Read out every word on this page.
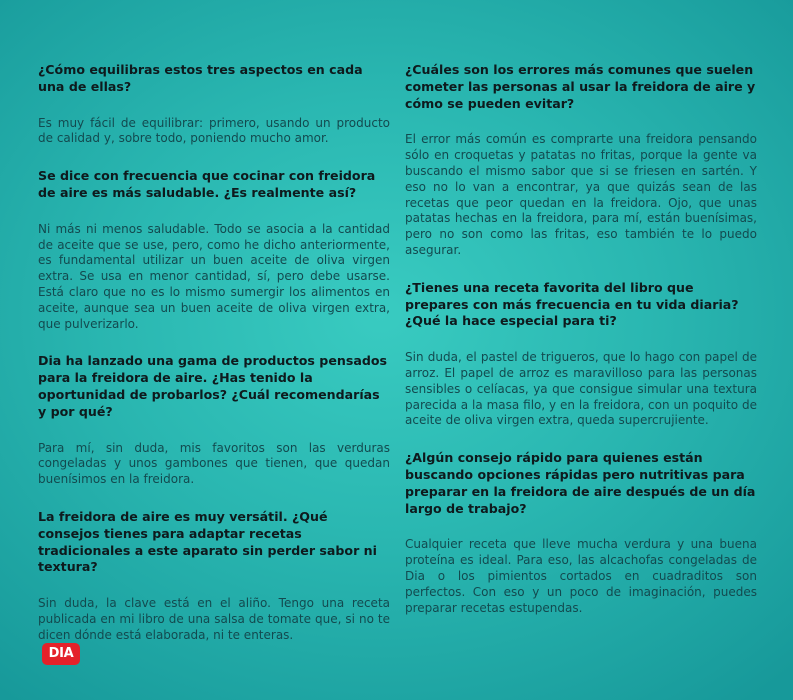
¿Cómo equilibras estos tres aspectos en cada una de ellas?

Es muy fácil de equilibrar: primero, usando un producto de calidad y, sobre todo, poniendo mucho amor.

Se dice con frecuencia que cocinar con freidora de aire es más saludable. ¿Es realmente así?

Ni más ni menos saludable. Todo se asocia a la cantidad de aceite que se use, pero, como he dicho anteriormente, es fundamental utilizar un buen aceite de oliva virgen extra. Se usa en menor cantidad, sí, pero debe usarse. Está claro que no es lo mismo sumergir los alimentos en aceite, aunque sea un buen aceite de oliva virgen extra, que pulverizarlo.

Dia ha lanzado una gama de productos pensados para la freidora de aire. ¿Has tenido la oportunidad de probarlos? ¿Cuál recomendarías y por qué?

Para mí, sin duda, mis favoritos son las verduras congeladas y unos gambones que tienen, que quedan buenísimos en la freidora.

La freidora de aire es muy versátil. ¿Qué consejos tienes para adaptar recetas tradicionales a este aparato sin perder sabor ni textura?

Sin duda, la clave está en el aliño. Tengo una receta publicada en mi libro de una salsa de tomate que, si no te dicen dónde está elaborada, ni te enteras.

¿Cuáles son los errores más comunes que suelen cometer las personas al usar la freidora de aire y cómo se pueden evitar?

El error más común es comprarte una freidora pensando sólo en croquetas y patatas no fritas, porque la gente va buscando el mismo sabor que si se friesen en sartén. Y eso no lo van a encontrar, ya que quizás sean de las recetas que peor quedan en la freidora. Ojo, que unas patatas hechas en la freidora, para mí, están buenísimas, pero no son como las fritas, eso también te lo puedo asegurar.

¿Tienes una receta favorita del libro que prepares con más frecuencia en tu vida diaria? ¿Qué la hace especial para ti?

Sin duda, el pastel de trigueros, que lo hago con papel de arroz. El papel de arroz es maravilloso para las personas sensibles o celíacas, ya que consigue simular una textura parecida a la masa filo, y en la freidora, con un poquito de aceite de oliva virgen extra, queda supercrujiente.

¿Algún consejo rápido para quienes están buscando opciones rápidas pero nutritivas para preparar en la freidora de aire después de un día largo de trabajo?

Cualquier receta que lleve mucha verdura y una buena proteína es ideal. Para eso, las alcachofas congeladas de Dia o los pimientos cortados en cuadraditos son perfectos. Con eso y un poco de imaginación, puedes preparar recetas estupendas.

DIA
